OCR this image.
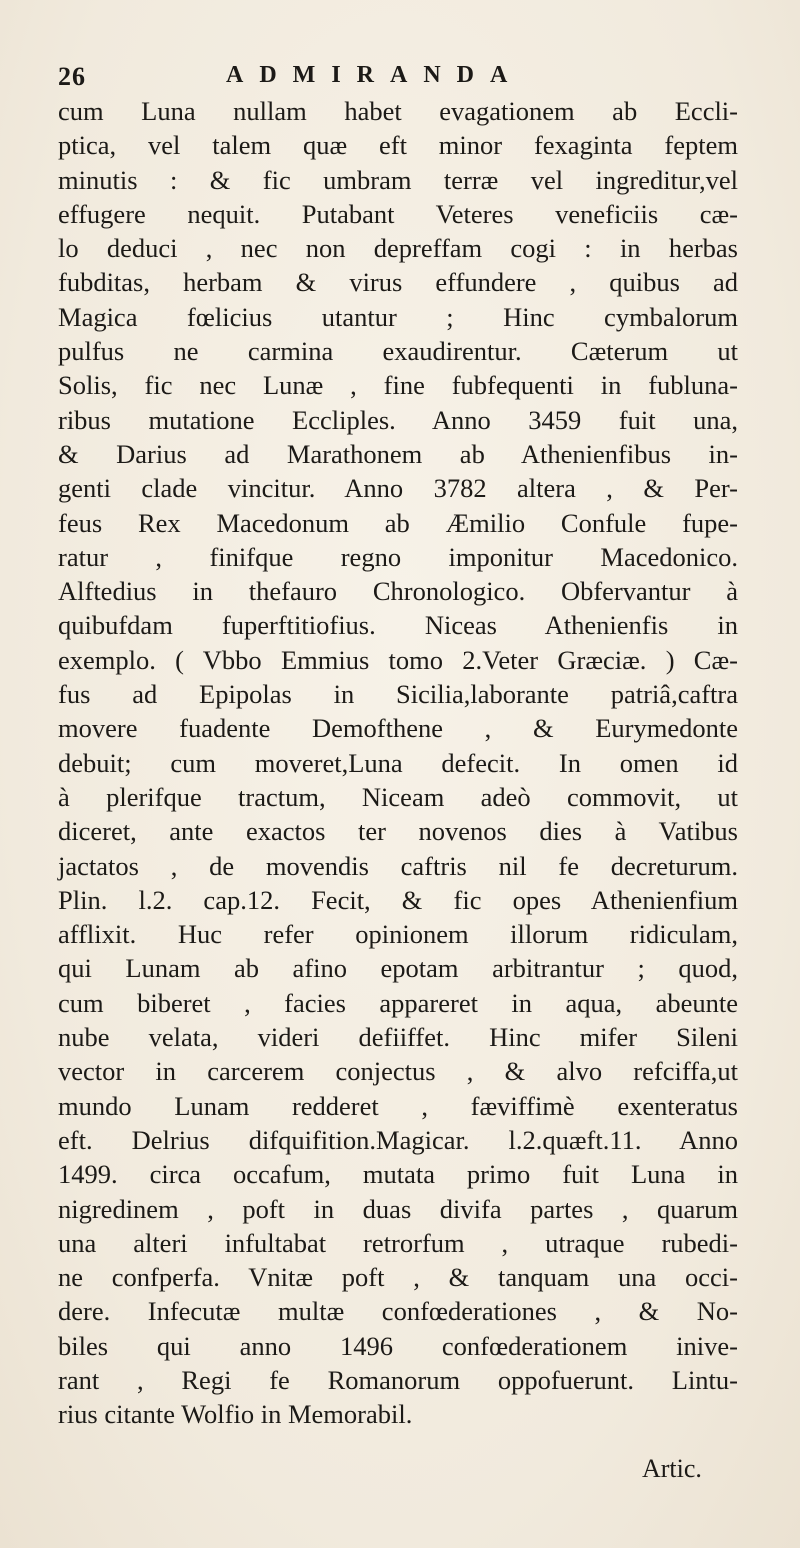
26	ADMIRANDA
cum Luna nullam habet evagationem ab Eccli-
ptica, vel talem quæ eft minor fexaginta feptem
minutis : & fic umbram terræ vel ingreditur,vel
effugere nequit. Putabant Veteres veneficiis cæ-
lo deduci , nec non depreffam cogi : in herbas
fubditas, herbam & virus effundere , quibus ad
Magica fœlicius utantur ; Hinc cymbalorum
pulfus ne carmina exaudirentur. Cæterum ut
Solis, fic nec Lunæ , fine fubfequenti in fubluna-
ribus mutatione Eccliples. Anno 3459 fuit una,
& Darius ad Marathonem ab Athenienfibus in-
genti clade vincitur. Anno 3782 altera , & Per-
feus Rex Macedonum ab Æmilio Confule fupe-
ratur , finifque regno imponitur Macedonico.
Alftedius in thefauro Chronologico. Obfervantur à
quibufdam fuperftitiofius. Niceas Athenienfis in
exemplo. ( Vbbo Emmius tomo 2.Veter Græciæ. ) Cæ-
fus ad Epipolas in Sicilia,laborante patriâ,caftra
movere fuadente Demofthene , & Eurymedonte
debuit; cum moveret,Luna defecit. In omen id
à plerifque tractum, Niceam adeò commovit, ut
diceret, ante exactos ter novenos dies à Vatibus
jactatos , de movendis caftris nil fe decreturum.
Plin. l.2. cap.12. Fecit, & fic opes Athenienfium
afflixit. Huc refer opinionem illorum ridiculam,
qui Lunam ab afino epotam arbitrantur ; quod,
cum biberet , facies appareret in aqua, abeunte
nube velata, videri defiiffet. Hinc mifer Sileni
vector in carcerem conjectus , & alvo refciffa,ut
mundo Lunam redderet , fæviffimè exenteratus
eft. Delrius difquifition.Magicar. l.2.quæft.11. Anno
1499. circa occafum, mutata primo fuit Luna in
nigredinem , poft in duas divifa partes , quarum
una alteri infultabat retrorfum , utraque rubedi-
ne confperfa. Vnitæ poft , & tanquam una occi-
dere. Infecutæ multæ confœderationes , & No-
biles qui anno 1496 confœderationem inive-
rant , Regi fe Romanorum oppofuerunt. Lintu-
rius citante Wolfio in Memorabil.
Artic.
